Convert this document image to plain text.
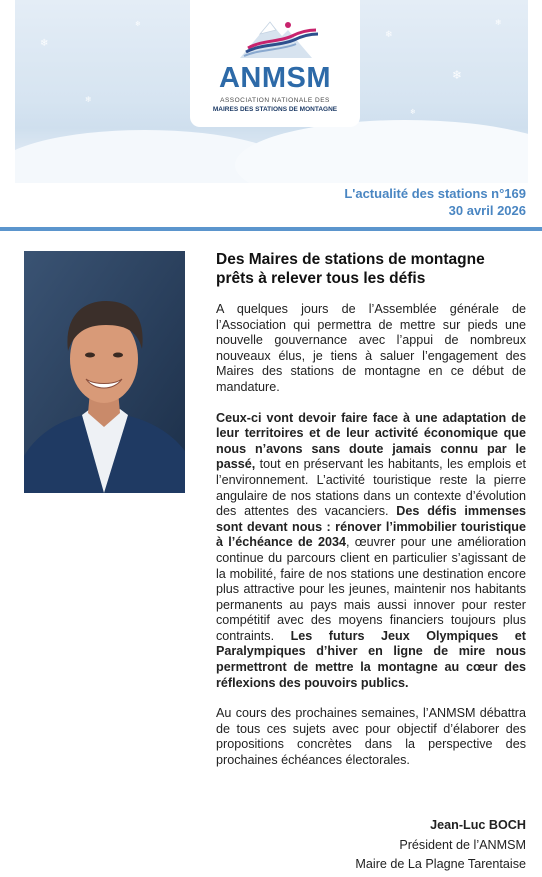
❄
❄
❄
❄
❄
❄
❄
ANMSM
ASSOCIATION NATIONALE DES
MAIRES DES STATIONS DE MONTAGNE
L'actualité des stations n°169
30 avril 2026
Des Maires de stations de montagne prêts à relever tous les défis

A quelques jours de l’Assemblée générale de l’Association qui permettra de mettre sur pieds une nouvelle gouvernance avec l’appui de nombreux nouveaux élus, je tiens à saluer l’engagement des Maires des stations de montagne en ce début de mandature.

Ceux-ci vont devoir faire face à une adaptation de leur territoires et de leur activité économique que nous n’avons sans doute jamais connu par le passé, tout en préservant les habitants, les emplois et l’environnement. L’activité touristique reste la pierre angulaire de nos stations dans un contexte d’évolution des attentes des vacanciers. Des défis immenses sont devant nous : rénover l’immobilier touristique à l’échéance de 2034, œuvrer pour une amélioration continue du parcours client en particulier s’agissant de la mobilité, faire de nos stations une destination encore plus attractive pour les jeunes, maintenir nos habitants permanents au pays mais aussi innover pour rester compétitif avec des moyens financiers toujours plus contraints. Les futurs Jeux Olympiques et Paralympiques d’hiver en ligne de mire nous permettront de mettre la montagne au cœur des réflexions des pouvoirs publics.

Au cours des prochaines semaines, l’ANMSM débattra de tous ces sujets avec pour objectif d’élaborer des propositions concrètes dans la perspective des prochaines échéances électorales.

Jean-Luc BOCH
Président de l’ANMSM
Maire de La Plagne Tarentaise
